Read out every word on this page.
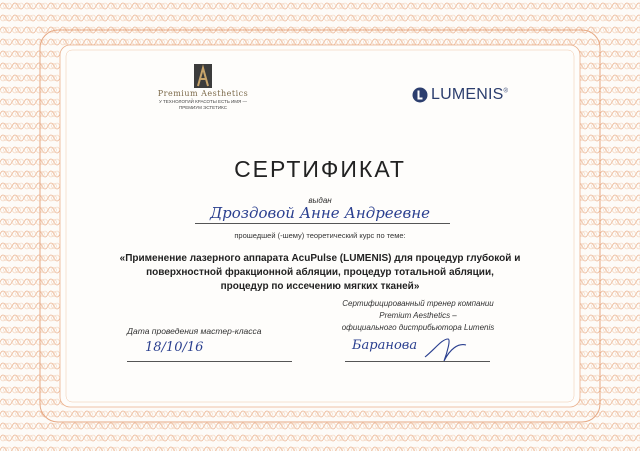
Premium Aesthetics
У ТЕХНОЛОГИЙ КРАСОТЫ ЕСТЬ ИМЯ —
ПРЕМИУМ ЭСТЕТИКС
LUMENIS®
СЕРТИФИКАТ
выдан
Дроздовой Анне Андреевне
прошедшей (-шему) теоретический курс по теме:
«Применение лазерного аппарата AcuPulse (LUMENIS) для процедур глубокой и
поверхностной фракционной абляции, процедур тотальной абляции,
процедур по иссечению мягких тканей»
Дата проведения мастер-класса
18/10/16
Сертифицированный тренер компании
Premium Aesthetics –
официального дистрибьютора Lumenis
Баранова
